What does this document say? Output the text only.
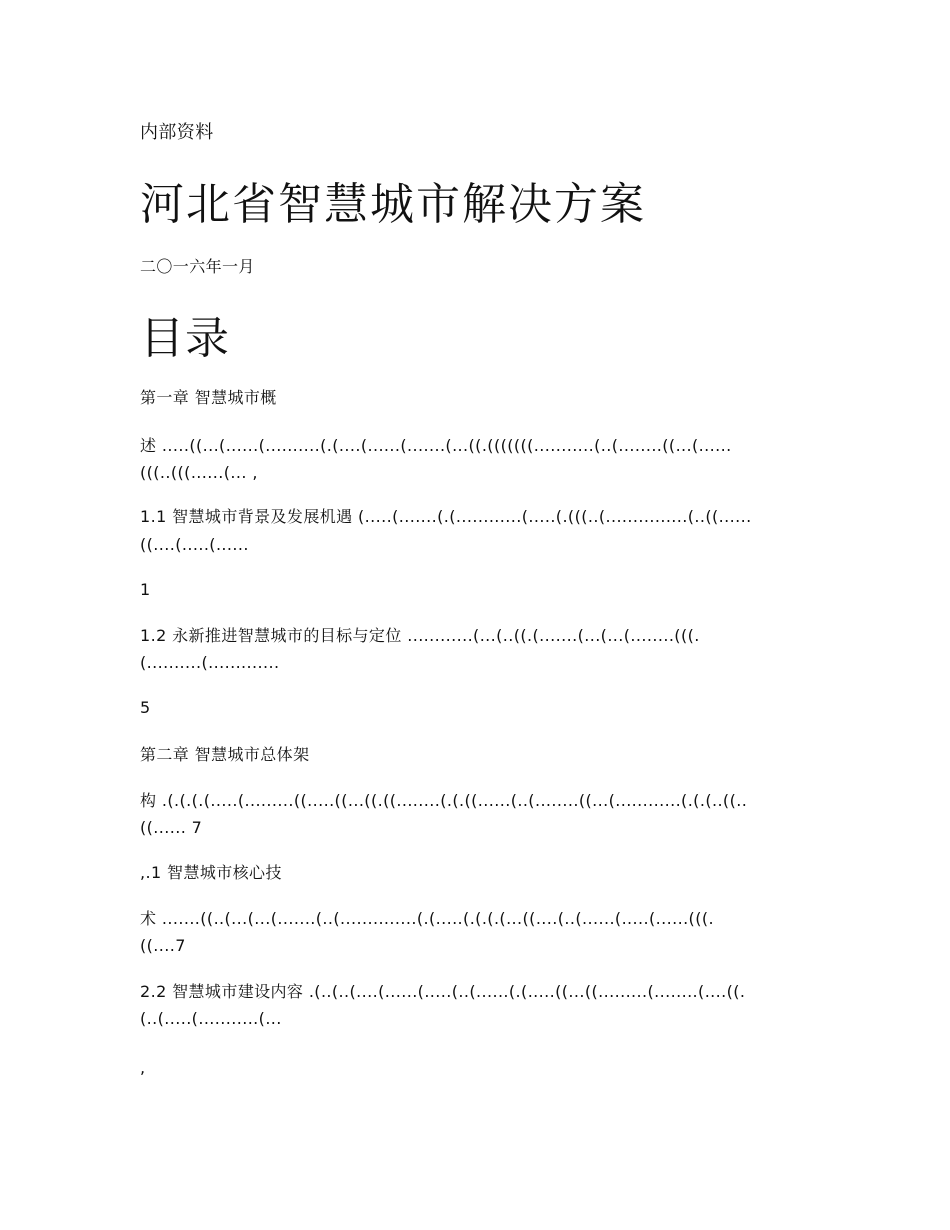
内部资料
河北省智慧城市解决方案
二〇一六年一月
目录
第一章 智慧城市概
述 .....((...(......(..........(.(....(......(.......(...((.(((((((...........(..(........((...(......
(((..(((......(... ,
1.1 智慧城市背景及发展机遇 (.....(.......(.(............(.....(.(((..(...............(..((......
((....(.....(......
1
1.2 永新推进智慧城市的目标与定位 ............(...(..((.(.......(...(...(........(((.
(..........(.............
5
第二章 智慧城市总体架
构 .(.(.(.(.....(.........((.....((...((.((........(.(.((......(..(........((...(............(.(.(..((..
((...... 7
,.1 智慧城市核心技
术 .......((..(...(...(.......(..(..............(.(.....(.(.(.(...((....(..(......(.....(......(((.
((....7
2.2 智慧城市建设内容 .(..(..(....(......(.....(..(......(.(.....((...((.........(........(....((.
(..(.....(...........(...
,
